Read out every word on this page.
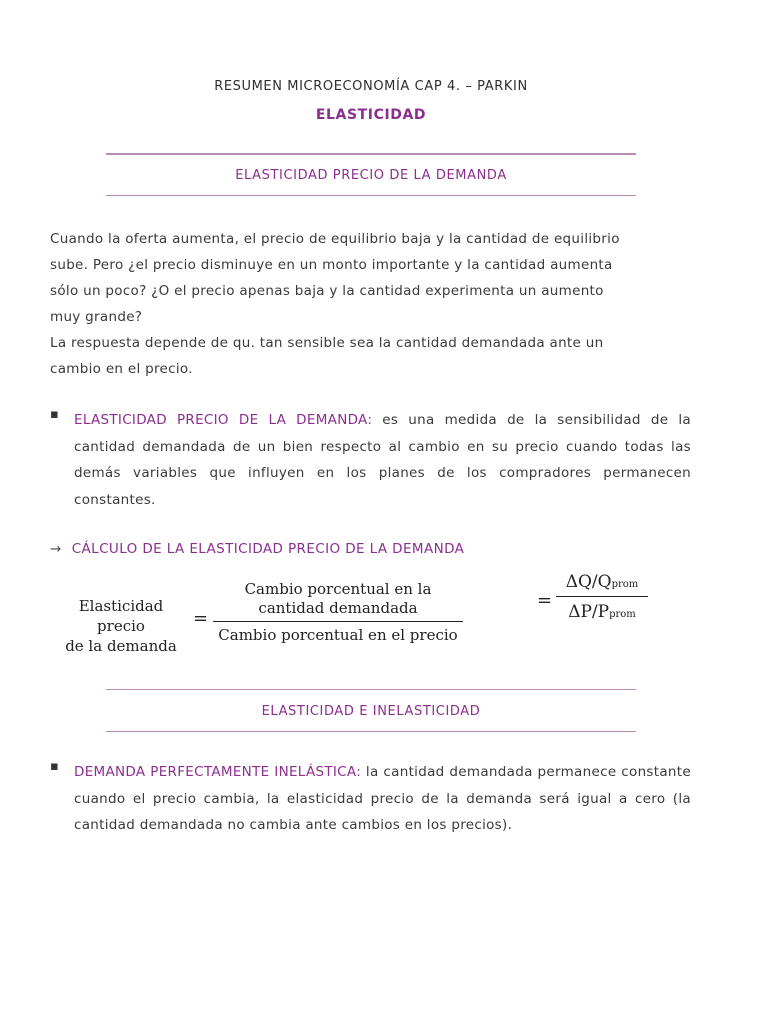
RESUMEN MICROECONOMÍA CAP 4. – PARKIN
ELASTICIDAD
ELASTICIDAD PRECIO DE LA DEMANDA
Cuando la oferta aumenta, el precio de equilibrio baja y la cantidad de equilibrio
sube. Pero ¿el precio disminuye en un monto importante y la cantidad aumenta
sólo un poco? ¿O el precio apenas baja y la cantidad experimenta un aumento
muy grande?
La respuesta depende de qu. tan sensible sea la cantidad demandada ante un
cambio en el precio.
▪ ELASTICIDAD PRECIO DE LA DEMANDA: es una medida de la sensibilidad de la cantidad demandada de un bien respecto al cambio en su precio cuando todas las demás variables que influyen en los planes de los compradores permanecen constantes.

→ CÁLCULO DE LA ELASTICIDAD PRECIO DE LA DEMANDA
Elasticidad precio
de la demanda
=
Cambio porcentual en la
cantidad demandada
Cambio porcentual en el precio
=
ΔQ/Qprom
ΔP/Pprom
ELASTICIDAD E INELASTICIDAD
▪ DEMANDA PERFECTAMENTE INELÁSTICA: la cantidad demandada permanece constante cuando el precio cambia, la elasticidad precio de la demanda será igual a cero (la cantidad demandada no cambia ante cambios en los precios).
